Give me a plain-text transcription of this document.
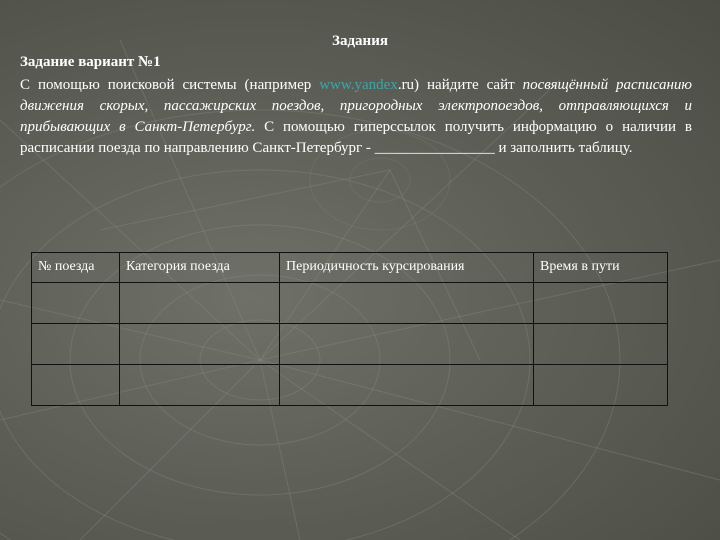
Задания
Задание вариант №1
С помощью поисковой системы (например www.yandex.ru) найдите сайт посвящённый расписанию движения скорых, пассажирских поездов, пригородных электропоездов, отправляющихся и прибывающих в Санкт-Петербург. С помощью гиперссылок получить информацию о наличии в расписании поезда по направлению Санкт-Петербург - ________________ и заполнить таблицу.
№ поезда	Категория поезда	Периодичность курсирования	Время в пути
